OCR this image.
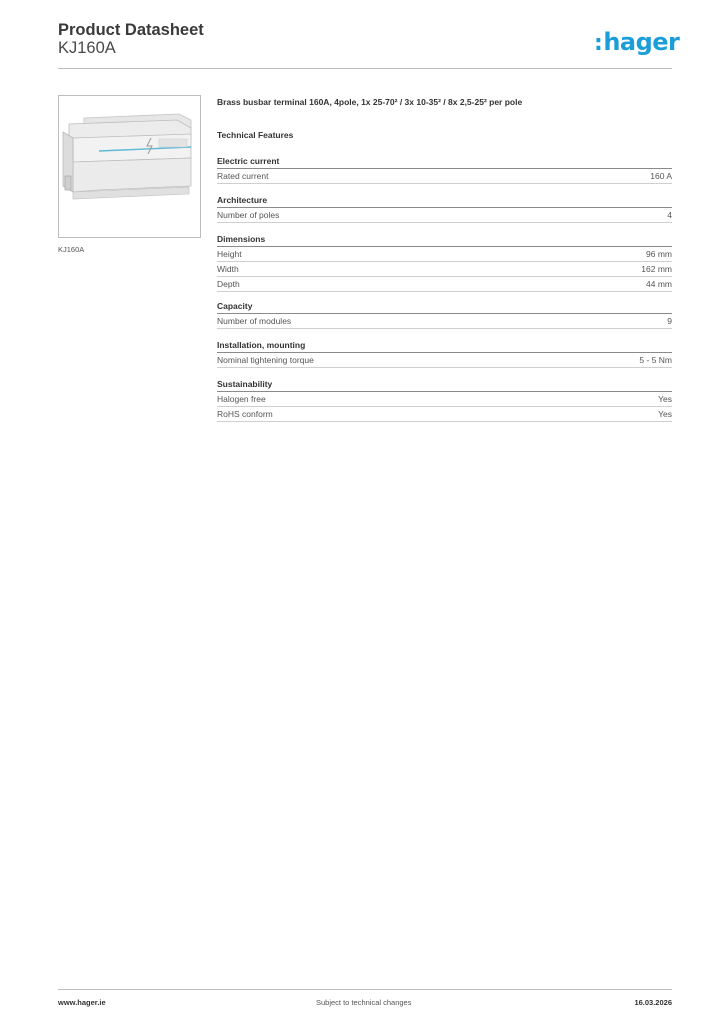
Product Datasheet
KJ160A	:hager
KJ160A
Brass busbar terminal 160A, 4pole, 1x 25-70² / 3x 10-35² / 8x 2,5-25² per pole
Technical Features
Electric current
Rated current	160 A
Architecture
Number of poles	4
Dimensions
Height	96 mm
Width	162 mm
Depth	44 mm
Capacity
Number of modules	9
Installation, mounting
Nominal tightening torque	5 - 5 Nm
Sustainability
Halogen free	Yes
RoHS conform	Yes
www.hager.ie	Subject to technical changes	16.03.2026
